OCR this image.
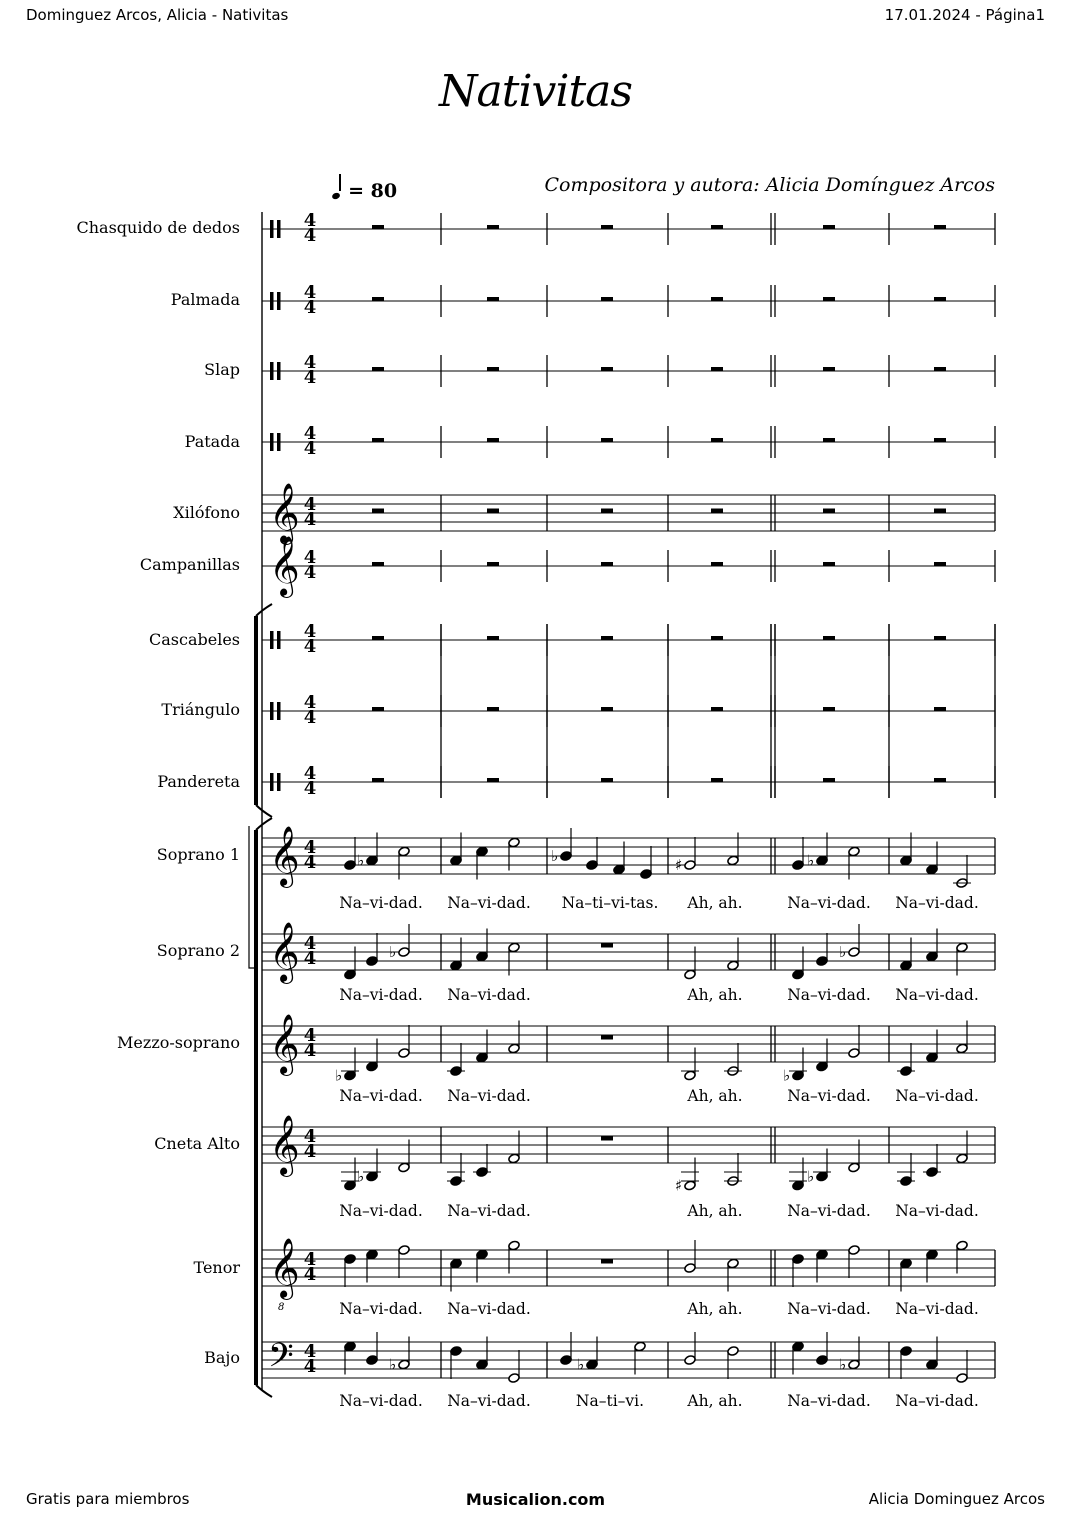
Dominguez Arcos, Alicia - Nativitas	17.01.2024 - Página1
Nativitas
Compositora y autora: Alicia Domínguez Arcos
= 80
Chasquido de dedos
Palmada
Slap
Patada
Xilófono
Campanillas
Cascabeles
Triángulo
Pandereta
Soprano 1
Soprano 2
Mezzo-soprano
Cneta Alto
Tenor
Bajo
4
4
4
4
4
4
4
4
𝄞 4
4
𝄞 4
4
4
4
4
4
4
4
𝄞 4
4
𝄞 4
4
𝄞 4
4
𝄞 4
4
𝄞
8
4
4
𝄢 4
4
♭	♭	♯	♭
♭	♭
♭	♭
♭	♯	♭
♭	♭	♭
Na–vi-dad. Na–vi-dad. Na–ti–vi-tas. Ah, ah.	Na–vi-dad. Na–vi-dad.
Na–vi-dad. Na–vi-dad.	Ah, ah.	Na–vi-dad. Na–vi-dad.
Na–vi-dad. Na–vi-dad.	Ah, ah.	Na–vi-dad. Na–vi-dad.
Na–vi-dad. Na–vi-dad.	Ah, ah.	Na–vi-dad. Na–vi-dad.
Na–vi-dad. Na–vi-dad.	Ah, ah.	Na–vi-dad. Na–vi-dad.
Na–vi-dad. Na–vi-dad.	Na–ti–vi.	Ah, ah.	Na–vi-dad. Na–vi-dad.
Gratis para miembros	Musicalion.com	Alicia Dominguez Arcos
